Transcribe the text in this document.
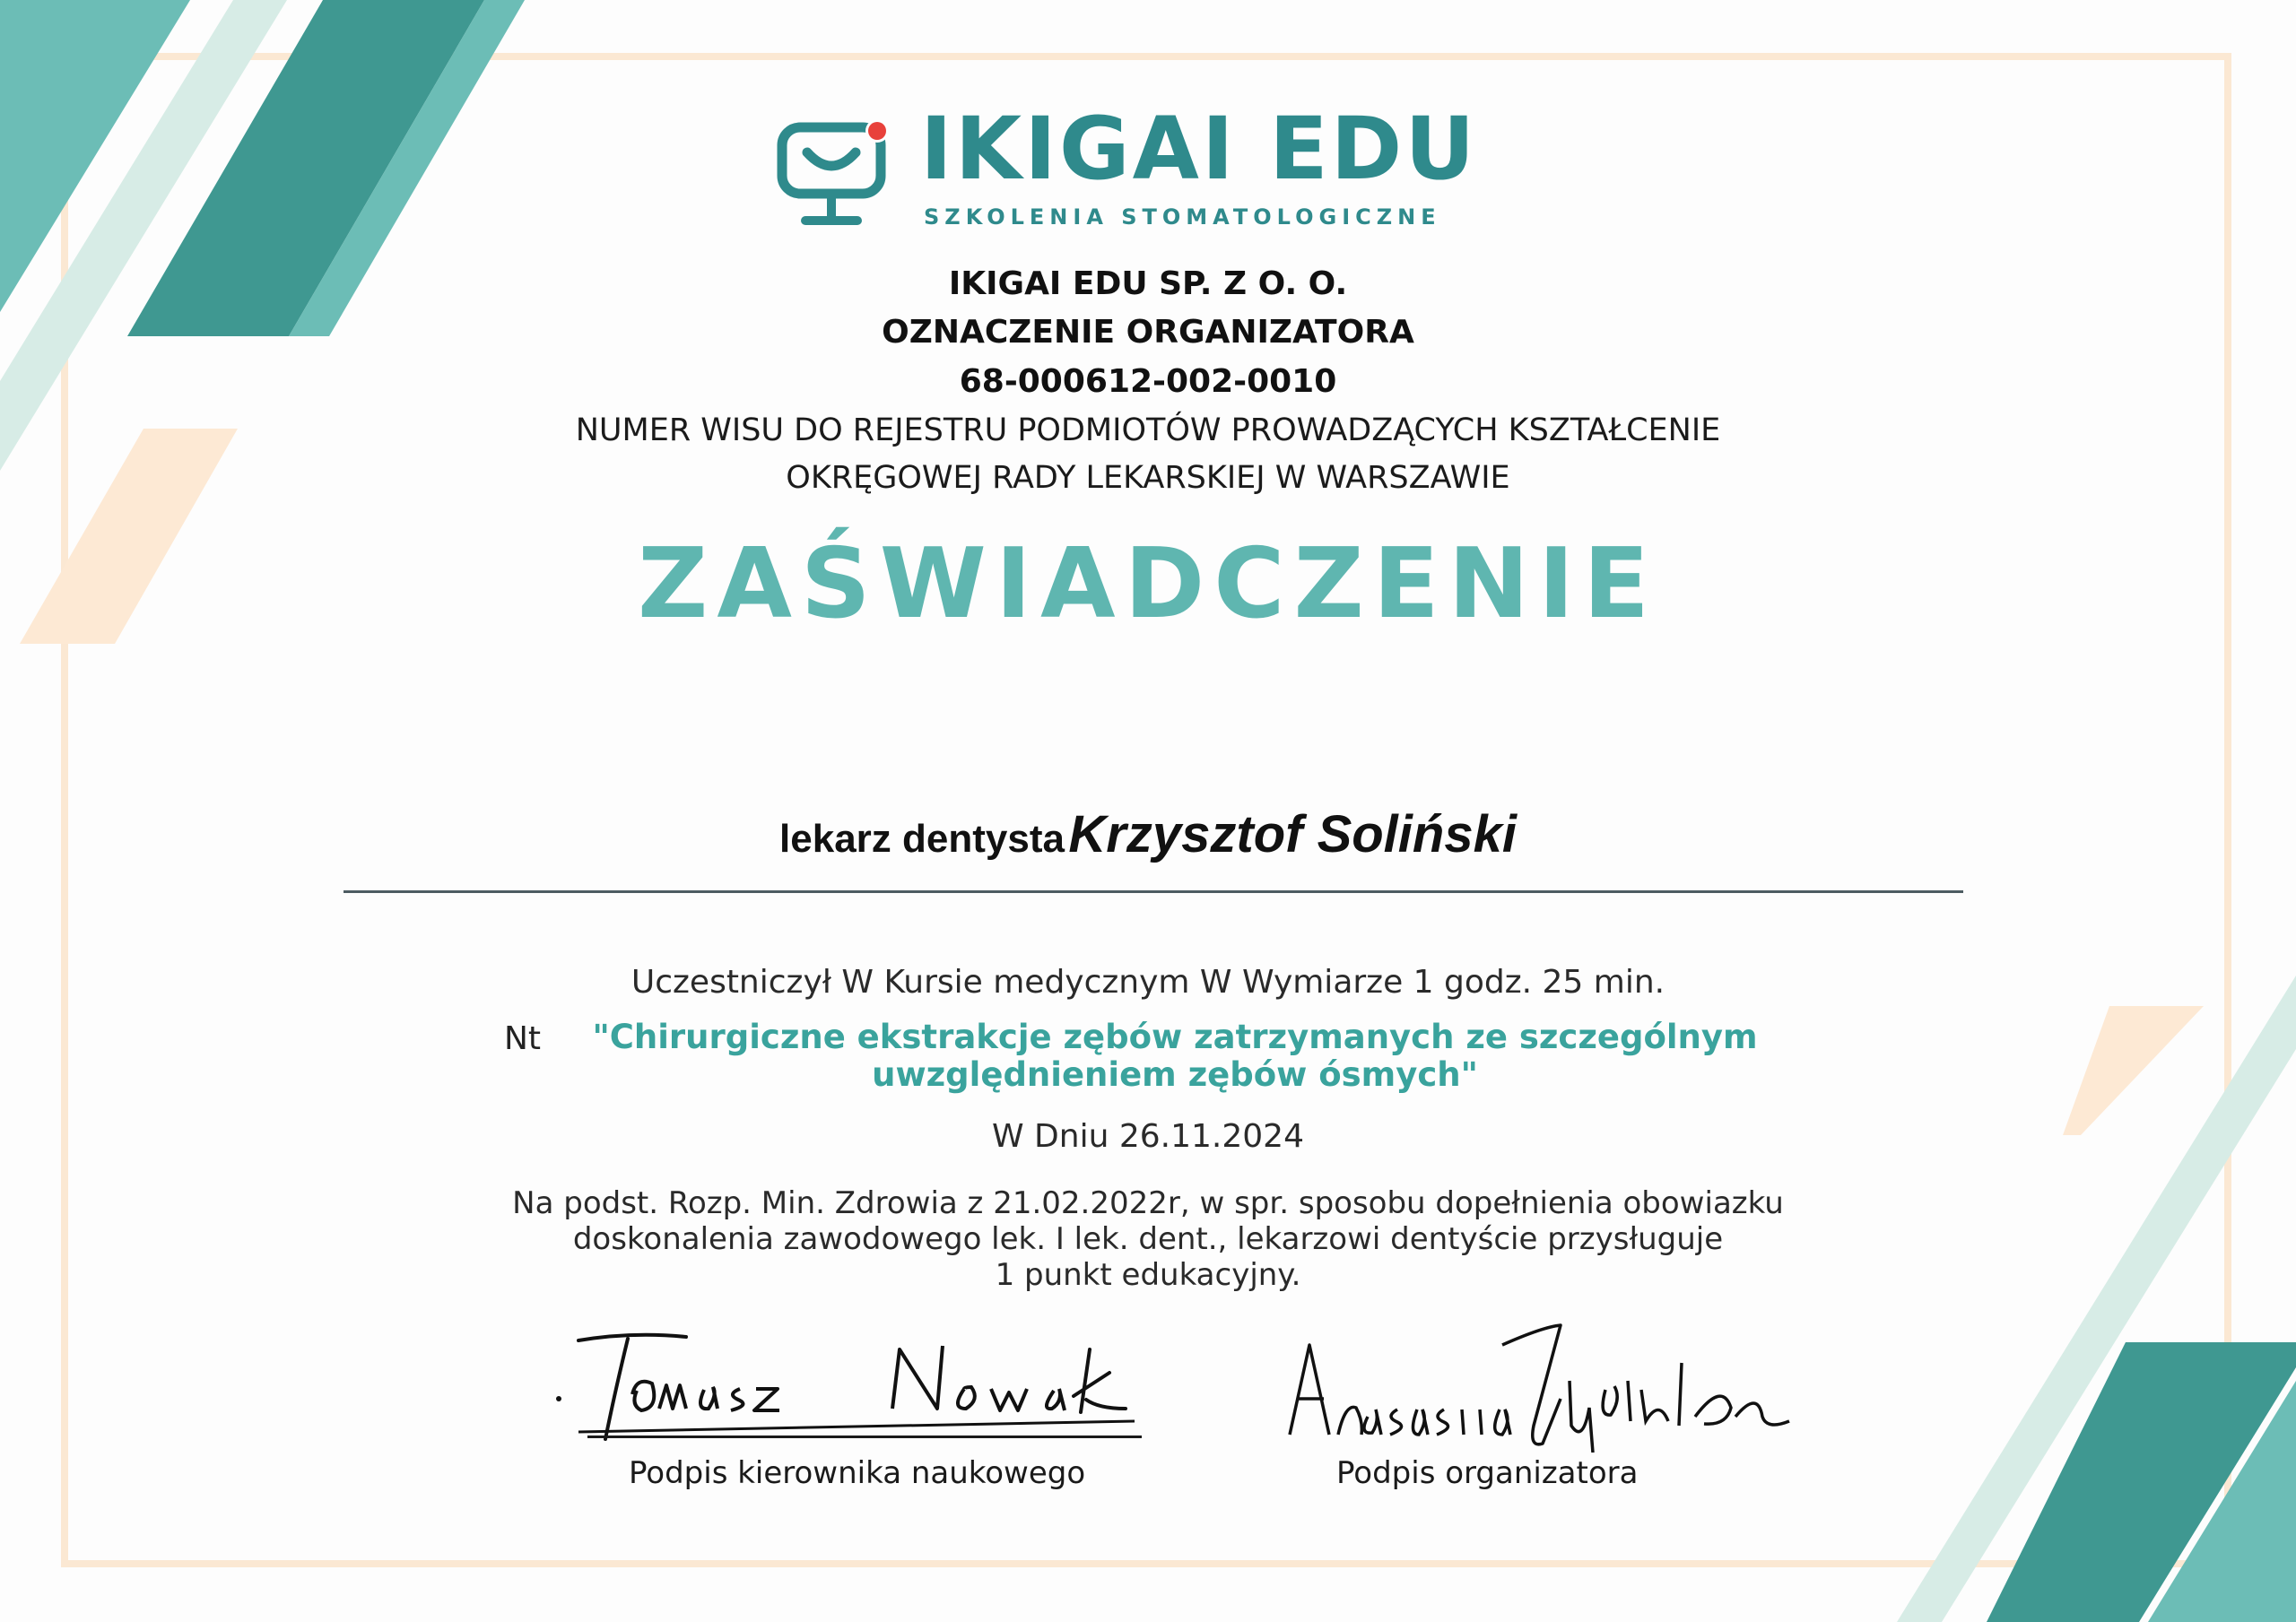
IKIGAI EDU
SZKOLENIA STOMATOLOGICZNE

IKIGAI EDU SP. Z O. O.

OZNACZENIE ORGANIZATORA

68-000612-002-0010

NUMER WISU DO REJESTRU PODMIOTÓW PROWADZĄCYCH KSZTAŁCENIE

OKRĘGOWEJ RADY LEKARSKIEJ W WARSZAWIE

ZAŚWIADCZENIE

lekarz dentysta Krzysztof Soliński

Uczestniczył W Kursie medycznym W Wymiarze 1 godz. 25 min.

Nt	"Chirurgiczne ekstrakcje zębów zatrzymanych ze szczególnym
uwzględnieniem zębów ósmych"

W Dniu 26.11.2024

Na podst. Rozp. Min. Zdrowia z 21.02.2022r, w spr. sposobu dopełnienia obowiazku
doskonalenia zawodowego lek. I lek. dent., lekarzowi dentyście przysługuje
1 punkt edukacyjny.
Podpis kierownika naukowego	Podpis organizatora
